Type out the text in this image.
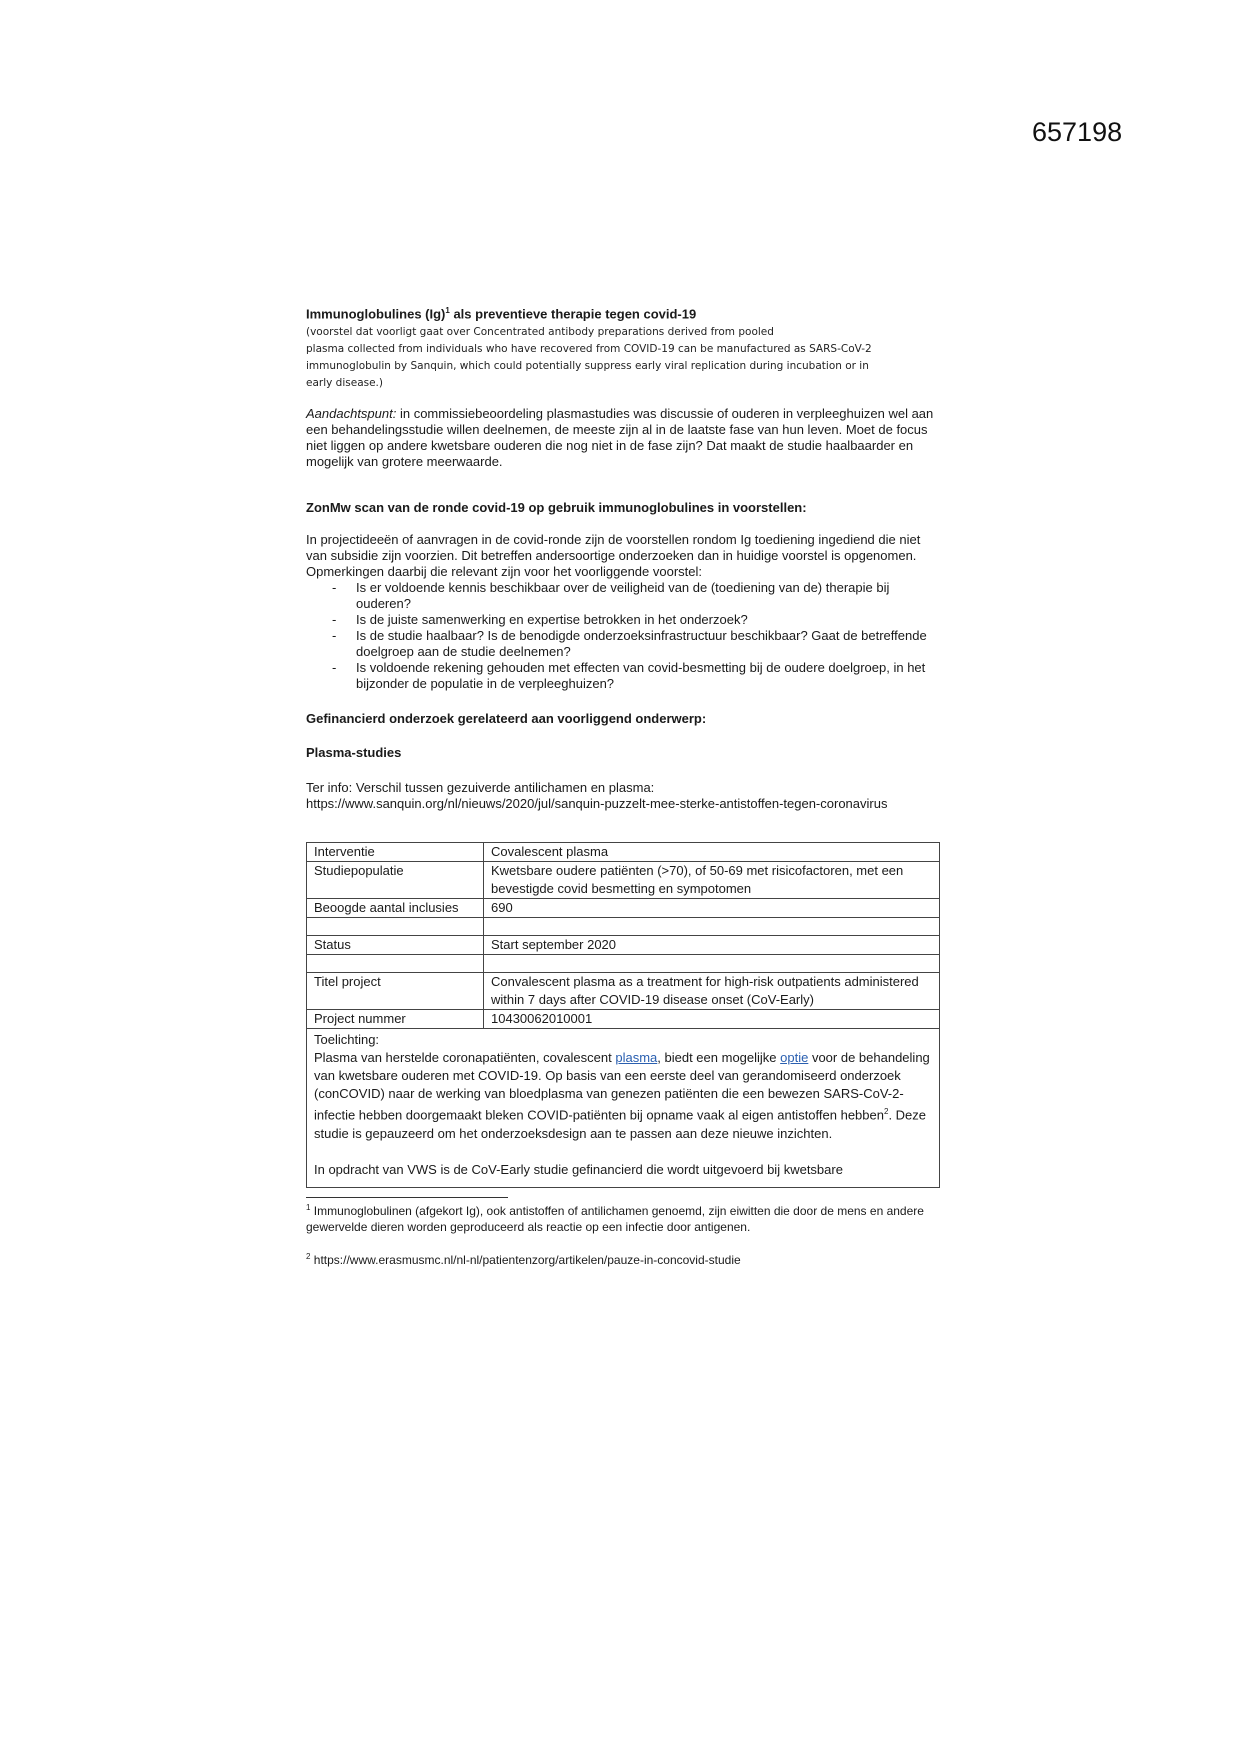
657198

Immunoglobulines $(Ig)^1$ als preventieve therapie tegen covid-19

(voorstel dat voorligt gaat over Concentrated antibody preparations derived from pooled
plasma collected from individuals who have recovered from COVID-19 can be manufactured as SARS-CoV-2
immunoglobulin by Sanquin, which could potentially suppress early viral replication during incubation or in
early disease.)

Aandachtspunt: in commissiebeoordeling plasmastudies was discussie of ouderen in verpleeghuizen wel aan een behandelingsstudie willen deelnemen, de meeste zijn al in de laatste fase van hun leven. Moet de focus niet liggen op andere kwetsbare ouderen die nog niet in de fase zijn? Dat maakt de studie haalbaarder en mogelijk van grotere meerwaarde.

ZonMw scan van de ronde covid-19 op gebruik immunoglobulines in voorstellen:

In projectideeën of aanvragen in de covid-ronde zijn de voorstellen rondom Ig toediening ingediend die niet van subsidie zijn voorzien. Dit betreffen andersoortige onderzoeken dan in huidige voorstel is opgenomen. Opmerkingen daarbij die relevant zijn voor het voorliggende voorstel:

- Is er voldoende kennis beschikbaar over de veiligheid van de (toediening van de) therapie bij ouderen?
- Is de juiste samenwerking en expertise betrokken in het onderzoek?
- Is de studie haalbaar? Is de benodigde onderzoeksinfrastructuur beschikbaar? Gaat de betreffende doelgroep aan de studie deelnemen?
- Is voldoende rekening gehouden met effecten van covid-besmetting bij de oudere doelgroep, in het bijzonder de populatie in de verpleeghuizen?

Gefinancierd onderzoek gerelateerd aan voorliggend onderwerp:

Plasma-studies

Ter info: Verschil tussen gezuiverde antilichamen en plasma:
https://www.sanquin.org/nl/nieuws/2020/jul/sanquin-puzzelt-mee-sterke-antistoffen-tegen-coronavirus

Interventie	Covalescent plasma
Studiepopulatie	Kwetsbare oudere patiënten (>70), of 50-69 met risicofactoren, met een bevestigde covid besmetting en sympotomen
Beoogde aantal inclusies	690

Status	Start september 2020

Titel project	Convalescent plasma as a treatment for high-risk outpatients administered within 7 days after COVID-19 disease onset (CoV-Early)
Project nummer	10430062010001

Toelichting:

Plasma van herstelde coronapatiënten, covalescent plasma, biedt een mogelijke optie voor de behandeling van kwetsbare ouderen met COVID-19. Op basis van een eerste deel van gerandomiseerd onderzoek (conCOVID) naar de werking van bloedplasma van genezen patiënten die een bewezen SARS-CoV-2-infectie hebben doorgemaakt bleken COVID-patiënten bij opname vaak al eigen antistoffen hebben$^2$. Deze studie is gepauzeerd om het onderzoeksdesign aan te passen aan deze nieuwe inzichten.

In opdracht van VWS is de CoV-Early studie gefinancierd die wordt uitgevoerd bij kwetsbare	

$^1$ Immunoglobulinen (afgekort Ig), ook antistoffen of antilichamen genoemd, zijn eiwitten die door de mens en andere gewervelde dieren worden geproduceerd als reactie op een infectie door antigenen.

$^2$ https://www.erasmusmc.nl/nl-nl/patientenzorg/artikelen/pauze-in-concovid-studie
